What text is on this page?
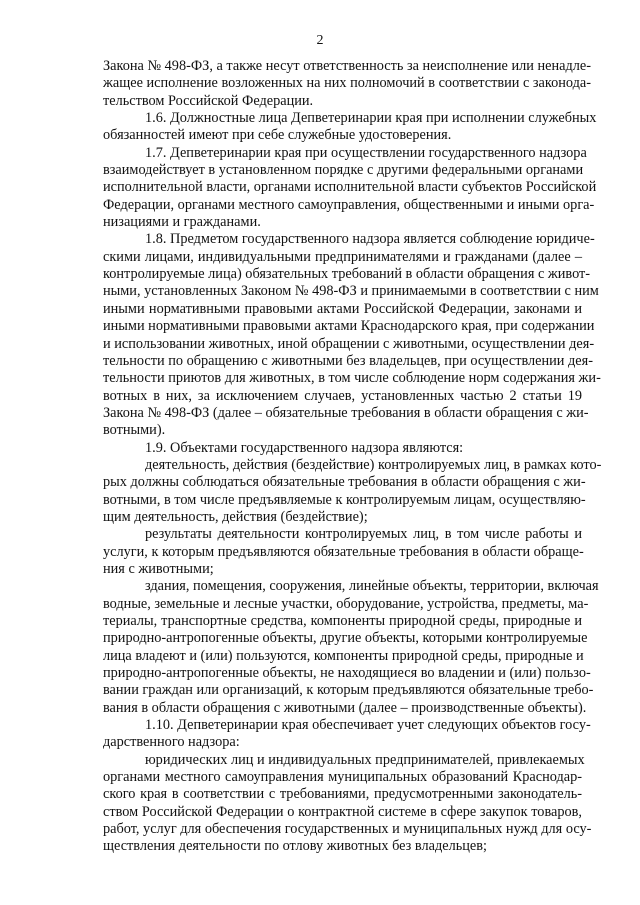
2
Закона № 498-ФЗ, а также несут ответственность за неисполнение или ненадле-
жащее исполнение возложенных на них полномочий в соответствии с законода-
тельством Российской Федерации.
1.6. Должностные лица Депветеринарии края при исполнении служебных
обязанностей имеют при себе служебные удостоверения.
1.7. Депветеринарии края при осуществлении государственного надзора
взаимодействует в установленном порядке с другими федеральными органами
исполнительной власти, органами исполнительной власти субъектов Российской
Федерации, органами местного самоуправления, общественными и иными орга-
низациями и гражданами.
1.8. Предметом государственного надзора является соблюдение юридиче-
скими лицами, индивидуальными предпринимателями и гражданами (далее –
контролируемые лица) обязательных требований в области обращения с живот-
ными, установленных Законом № 498-ФЗ и принимаемыми в соответствии с ним
иными нормативными правовыми актами Российской Федерации, законами и
иными нормативными правовыми актами Краснодарского края, при содержании
и использовании животных, иной обращении с животными, осуществлении дея-
тельности по обращению с животными без владельцев, при осуществлении дея-
тельности приютов для животных, в том числе соблюдение норм содержания жи-
вотных в них, за исключением случаев, установленных частью 2 статьи 19
Закона № 498-ФЗ (далее – обязательные требования в области обращения с жи-
вотными).
1.9. Объектами государственного надзора являются:
деятельность, действия (бездействие) контролируемых лиц, в рамках кото-
рых должны соблюдаться обязательные требования в области обращения с жи-
вотными, в том числе предъявляемые к контролируемым лицам, осуществляю-
щим деятельность, действия (бездействие);
результаты деятельности контролируемых лиц, в том числе работы и
услуги, к которым предъявляются обязательные требования в области обраще-
ния с животными;
здания, помещения, сооружения, линейные объекты, территории, включая
водные, земельные и лесные участки, оборудование, устройства, предметы, ма-
териалы, транспортные средства, компоненты природной среды, природные и
природно-антропогенные объекты, другие объекты, которыми контролируемые
лица владеют и (или) пользуются, компоненты природной среды, природные и
природно-антропогенные объекты, не находящиеся во владении и (или) пользо-
вании граждан или организаций, к которым предъявляются обязательные требо-
вания в области обращения с животными (далее – производственные объекты).
1.10. Депветеринарии края обеспечивает учет следующих объектов госу-
дарственного надзора:
юридических лиц и индивидуальных предпринимателей, привлекаемых
органами местного самоуправления муниципальных образований Краснодар-
ского края в соответствии с требованиями, предусмотренными законодатель-
ством Российской Федерации о контрактной системе в сфере закупок товаров,
работ, услуг для обеспечения государственных и муниципальных нужд для осу-
ществления деятельности по отлову животных без владельцев;
